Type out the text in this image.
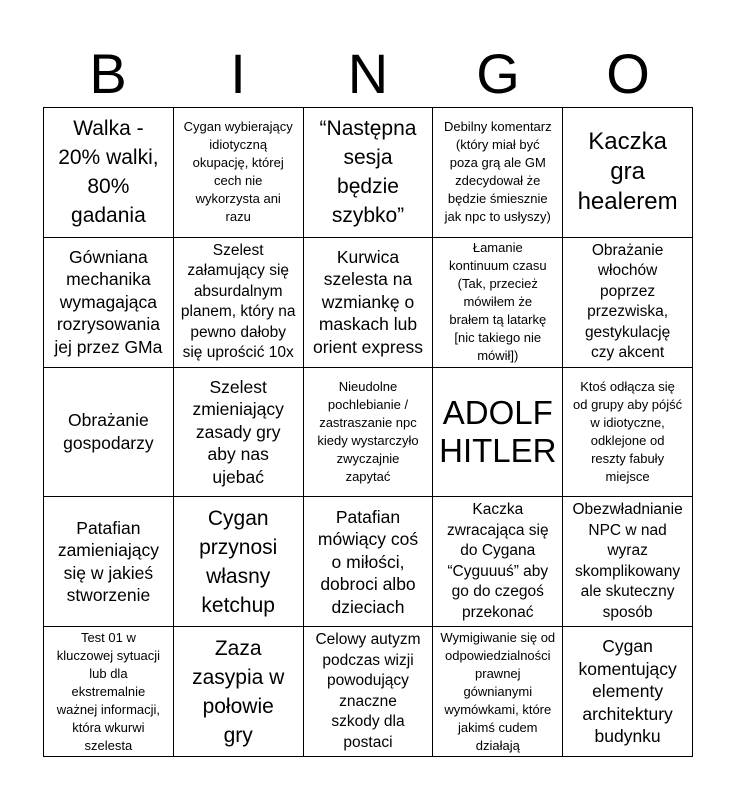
B	I	N	G	O
Walka -
20% walki,
80%
gadania
Cygan wybierający
idiotyczną
okupację, której
cech nie
wykorzysta ani
razu
“Następna
sesja
będzie
szybko”
Debilny komentarz
(który miał być
poza grą ale GM
zdecydował że
będzie śmiesznie
jak npc to usłyszy)
Kaczka
gra
healerem
Gówniana
mechanika
wymagająca
rozrysowania
jej przez GMa
Szelest
załamujący się
absurdalnym
planem, który na
pewno dałoby
się uprościć 10x
Kurwica
szelesta na
wzmiankę o
maskach lub
orient express
Łamanie
kontinuum czasu
(Tak, przecież
mówiłem że
brałem tą latarkę
[nic takiego nie
mówił])
Obrażanie
włochów
poprzez
przezwiska,
gestykulację
czy akcent
Obrażanie
gospodarzy
Szelest
zmieniający
zasady gry
aby nas
ujebać
Nieudolne
pochlebianie /
zastraszanie npc
kiedy wystarczyło
zwyczajnie
zapytać
ADOLF
HITLER
Ktoś odłącza się
od grupy aby pójść
w idiotyczne,
odklejone od
reszty fabuły
miejsce
Patafian
zamieniający
się w jakieś
stworzenie
Cygan
przynosi
własny
ketchup
Patafian
mówiący coś
o miłości,
dobroci albo
dzieciach
Kaczka
zwracająca się
do Cygana
“Cyguuuś” aby
go do czegoś
przekonać
Obezwładnianie
NPC w nad
wyraz
skomplikowany
ale skuteczny
sposób
Test 01 w
kluczowej sytuacji
lub dla
ekstremalnie
ważnej informacji,
która wkurwi
szelesta
Zaza
zasypia w
połowie
gry
Celowy autyzm
podczas wizji
powodujący
znaczne
szkody dla
postaci
Wymigiwanie się od
odpowiedzialności
prawnej
gównianymi
wymówkami, które
jakimś cudem
działają
Cygan
komentujący
elementy
architektury
budynku
